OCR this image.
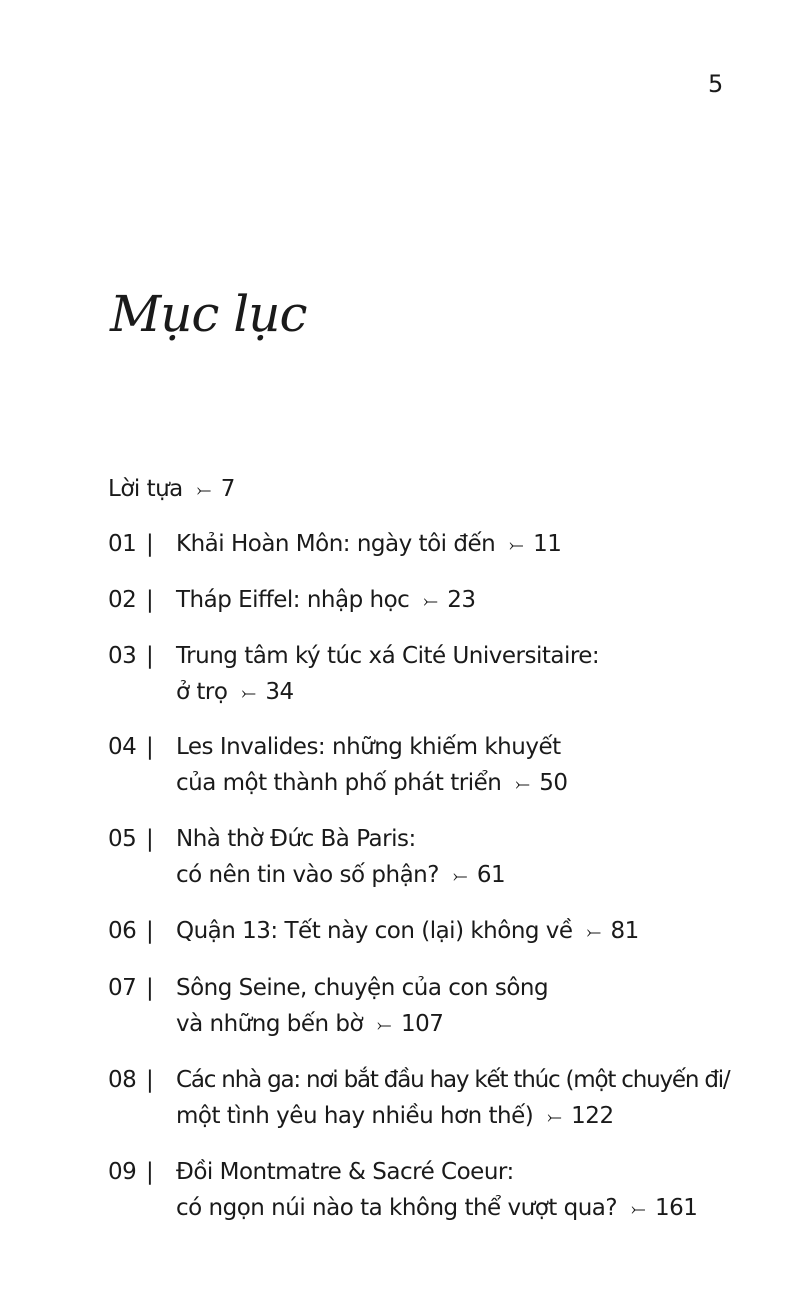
5
Mục lục
Lời tựa ⤚ 7
01 | Khải Hoàn Môn: ngày tôi đến ⤚ 11
02 | Tháp Eiffel: nhập học ⤚ 23
03 | Trung tâm ký túc xá Cité Universitaire:
ở trọ ⤚ 34
04 | Les Invalides: những khiếm khuyết
của một thành phố phát triển ⤚ 50
05 | Nhà thờ Đức Bà Paris:
có nên tin vào số phận? ⤚ 61
06 | Quận 13: Tết này con (lại) không về ⤚ 81
07 | Sông Seine, chuyện của con sông
và những bến bờ ⤚ 107
08 | Các nhà ga: nơi bắt đầu hay kết thúc (một chuyến đi/
một tình yêu hay nhiều hơn thế) ⤚ 122
09 | Đồi Montmatre & Sacré Coeur:
có ngọn núi nào ta không thể vượt qua? ⤚ 161
